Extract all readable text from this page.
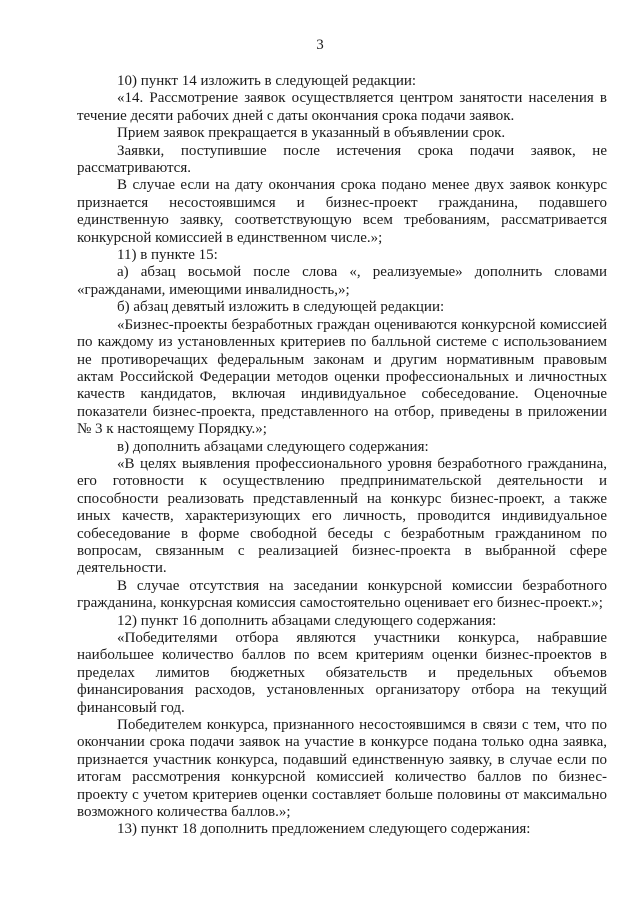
3

10) пункт 14 изложить в следующей редакции:

«14. Рассмотрение заявок осуществляется центром занятости населения в течение десяти рабочих дней с даты окончания срока подачи заявок.

Прием заявок прекращается в указанный в объявлении срок.

Заявки, поступившие после истечения срока подачи заявок, не рассматриваются.

В случае если на дату окончания срока подано менее двух заявок конкурс признается несостоявшимся и бизнес-проект гражданина, подавшего единственную заявку, соответствующую всем требованиям, рассматривается конкурсной комиссией в единственном числе.»;

11) в пункте 15:

а) абзац восьмой после слова «, реализуемые» дополнить словами «гражданами, имеющими инвалидность,»;

б) абзац девятый изложить в следующей редакции:

«Бизнес-проекты безработных граждан оцениваются конкурсной комиссией по каждому из установленных критериев по балльной системе с использованием не противоречащих федеральным законам и другим нормативным правовым актам Российской Федерации методов оценки профессиональных и личностных качеств кандидатов, включая индивидуальное собеседование. Оценочные показатели бизнес-проекта, представленного на отбор, приведены в приложении № 3 к настоящему Порядку.»;

в) дополнить абзацами следующего содержания:

«В целях выявления профессионального уровня безработного гражданина, его готовности к осуществлению предпринимательской деятельности и способности реализовать представленный на конкурс бизнес-проект, а также иных качеств, характеризующих его личность, проводится индивидуальное собеседование в форме свободной беседы с безработным гражданином по вопросам, связанным с реализацией бизнес-проекта в выбранной сфере деятельности.

В случае отсутствия на заседании конкурсной комиссии безработного гражданина, конкурсная комиссия самостоятельно оценивает его бизнес-проект.»;

12) пункт 16 дополнить абзацами следующего содержания:

«Победителями отбора являются участники конкурса, набравшие наибольшее количество баллов по всем критериям оценки бизнес-проектов в пределах лимитов бюджетных обязательств и предельных объемов финансирования расходов, установленных организатору отбора на текущий финансовый год.

Победителем конкурса, признанного несостоявшимся в связи с тем, что по окончании срока подачи заявок на участие в конкурсе подана только одна заявка, признается участник конкурса, подавший единственную заявку, в случае если по итогам рассмотрения конкурсной комиссией количество баллов по бизнес-проекту с учетом критериев оценки составляет больше половины от максимально возможного количества баллов.»;

13) пункт 18 дополнить предложением следующего содержания:
